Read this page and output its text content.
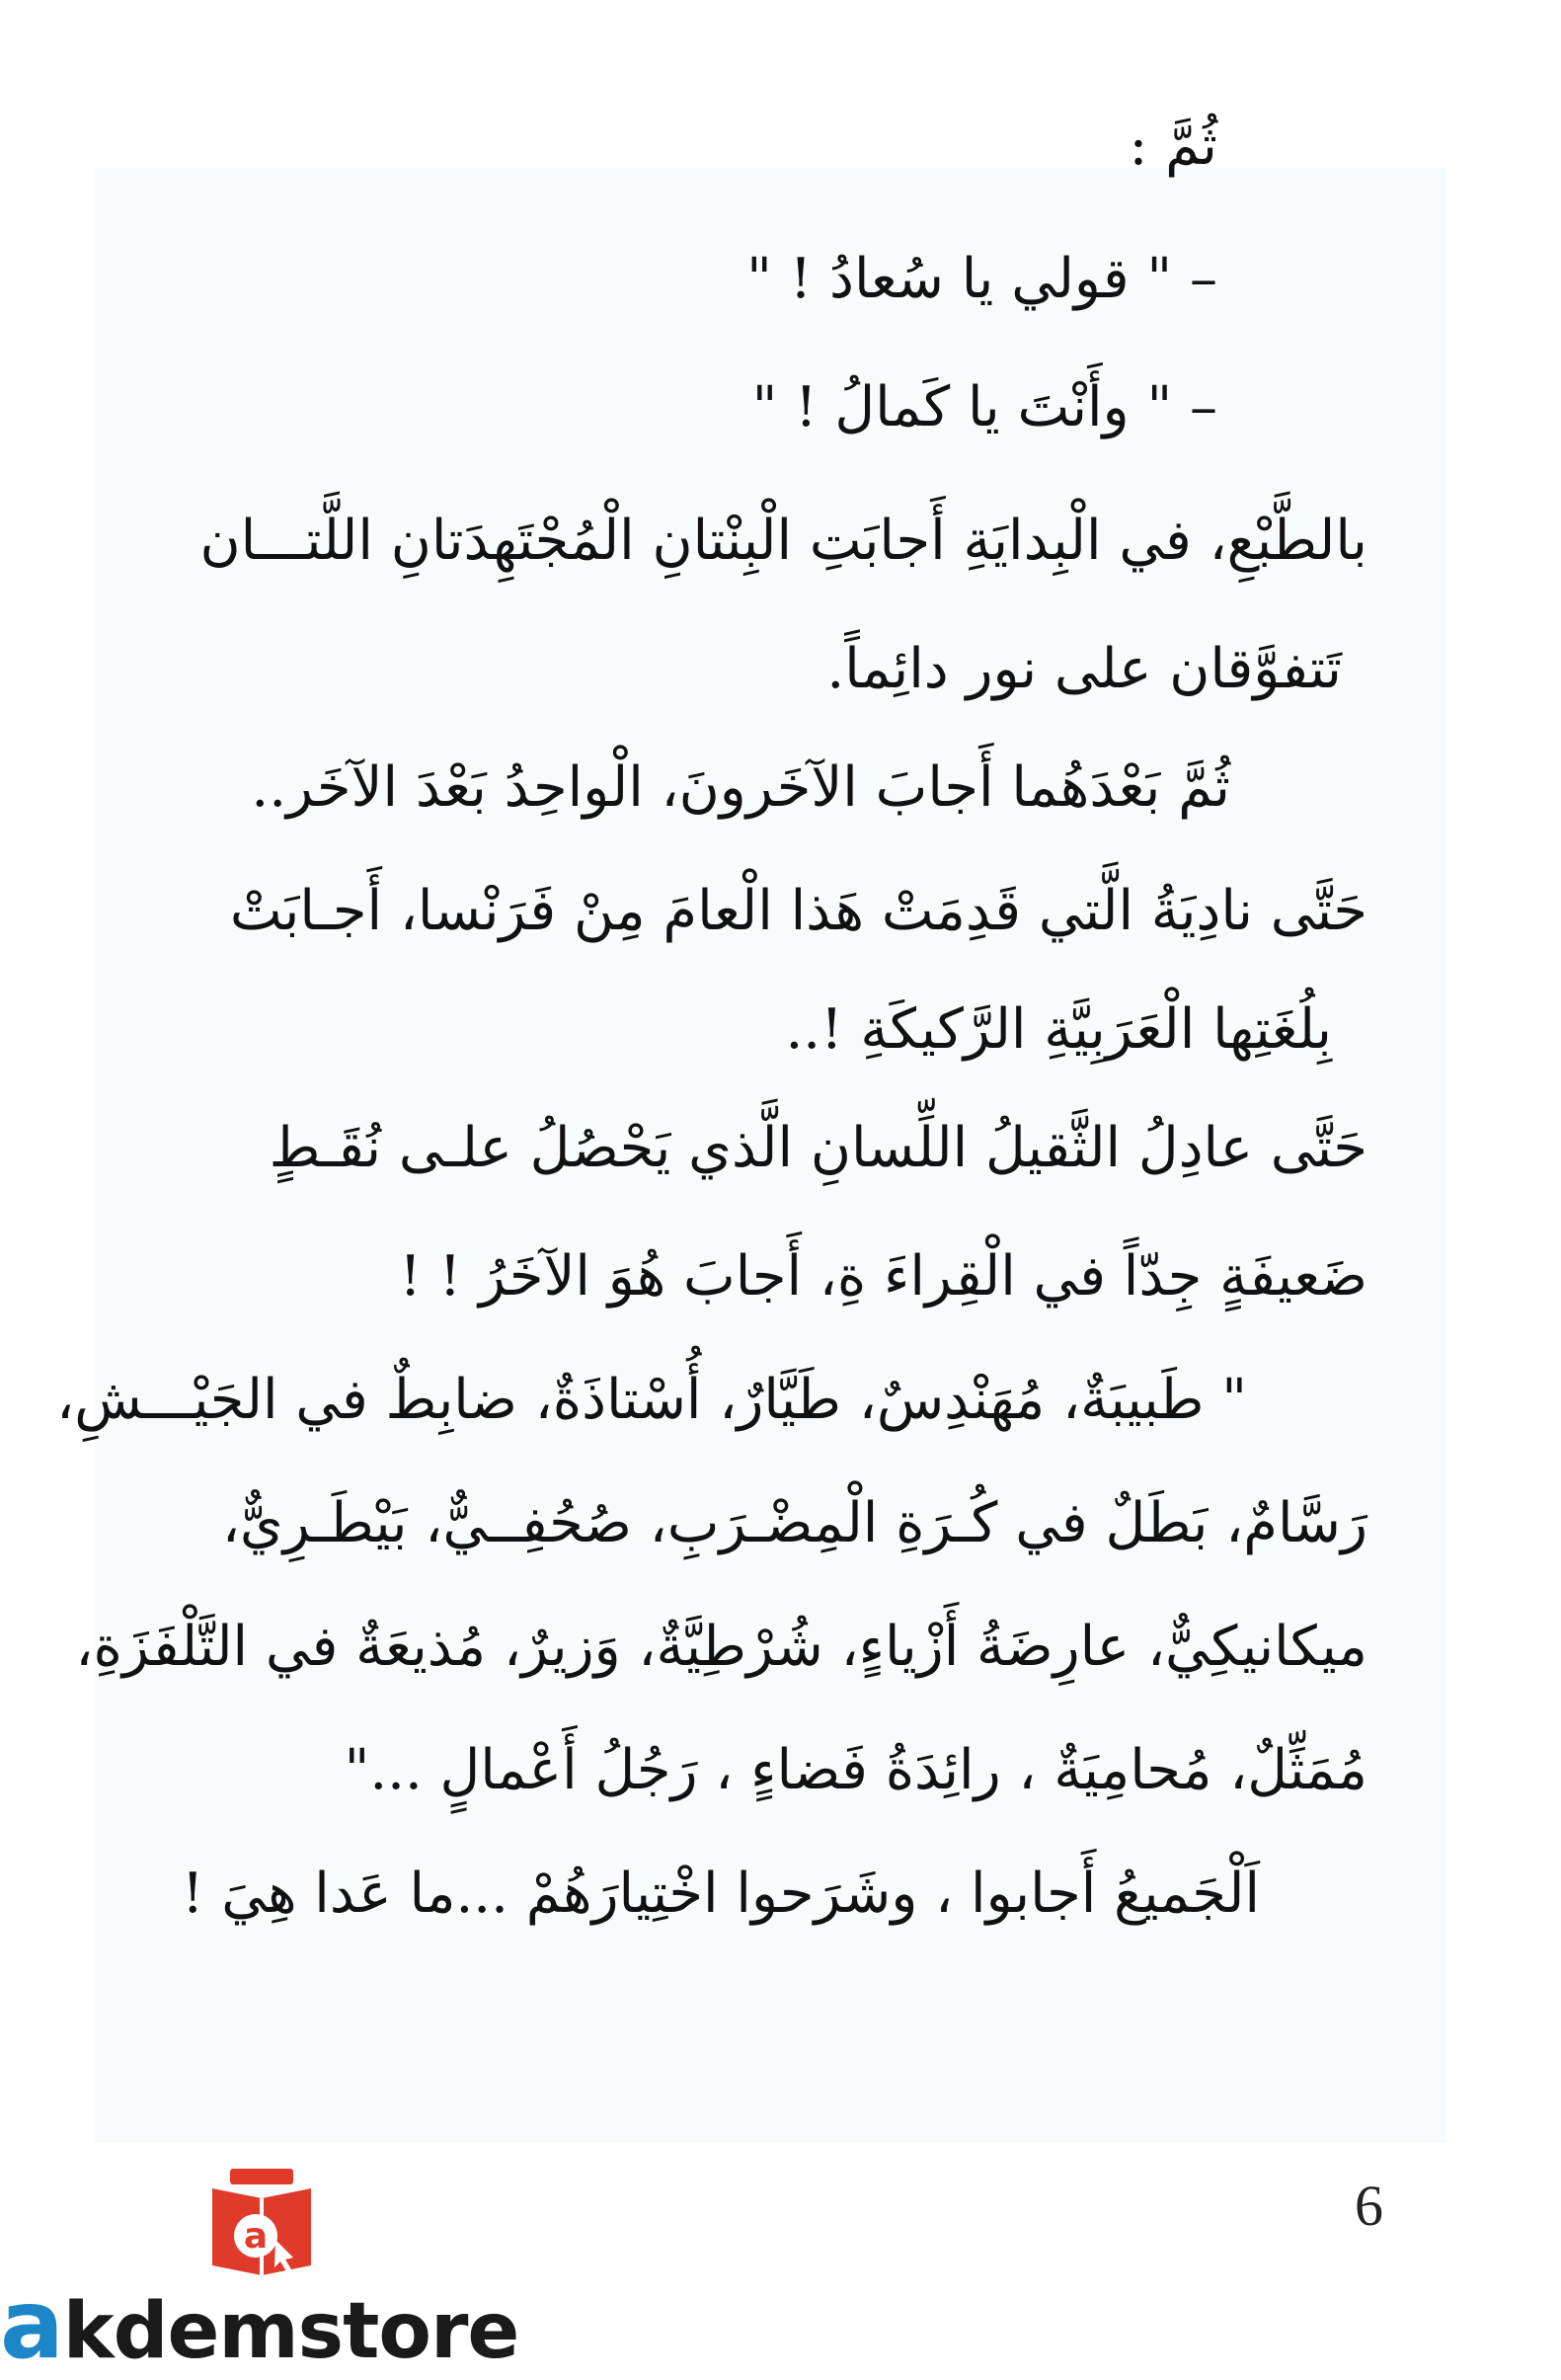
ثُمَّ :
– " قولي يا سُعادُ ! "
– " وأَنْتَ يا كَمالُ ! "
بالطَّبْعِ، في الْبِدايَةِ أَجابَتِ الْبِنْتانِ الْمُجْتَهِدَتانِ اللَّتـــان
تَتفوَّقان على نور دائِماً.
ثُمَّ بَعْدَهُما أَجابَ الآخَرونَ، الْواحِدُ بَعْدَ الآخَر..
حَتَّى نادِيَةُ الَّتي قَدِمَتْ هَذا الْعامَ مِنْ فَرَنْسا، أَجـابَتْ
بِلُغَتِها الْعَرَبِيَّةِ الرَّكيكَةِ !..
حَتَّى عادِلُ الثَّقيلُ اللِّسانِ الَّذي يَحْصُلُ علـى نُقَـطٍ
ضَعيفَةٍ جِدّاً في الْقِراءَ ةِ، أَجابَ هُوَ الآخَرُ ! !
" طَبيبَةٌ، مُهَنْدِسٌ، طَيَّارٌ، أُسْتاذَةٌ، ضابِطٌ في الجَيْـــشِ،
رَسَّامٌ، بَطَلٌ في كُـرَةِ الْمِضْـرَبِ، صُحُفِــيٌّ، بَيْطَـرِيٌّ،
ميكانيكِيٌّ، عارِضَةُ أَزْياءٍ، شُرْطِيَّةٌ، وَزيرٌ، مُذيعَةٌ في التَّلْفَزَةِ،
مُمَثِّلٌ، مُحامِيَةٌ ، رائِدَةُ فَضاءٍ ، رَجُلُ أَعْمالٍ ..."
اَلْجَميعُ أَجابوا ، وشَرَحوا اخْتِيارَهُمْ ...ما عَدا هِيَ !
6
a
akdemstore
